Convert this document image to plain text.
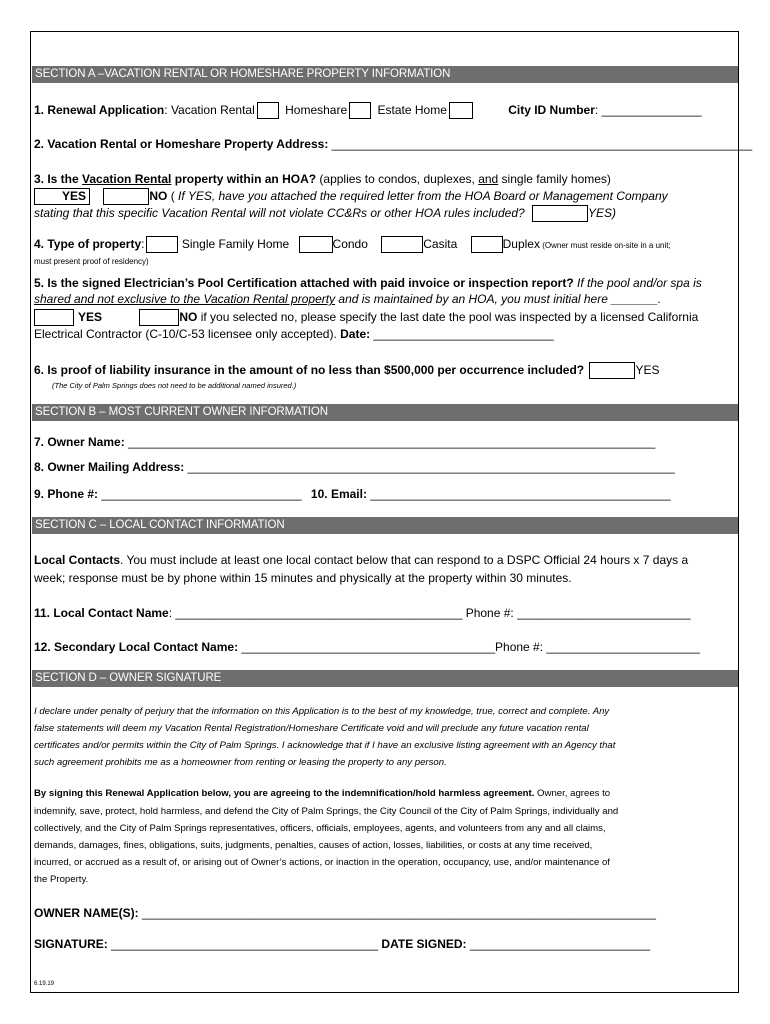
SECTION A –VACATION RENTAL OR HOMESHARE PROPERTY INFORMATION
1. Renewal Application: Vacation Rental	Homeshare	Estate Home	City ID Number: _______________
2. Vacation Rental or Homeshare Property Address: _______________________________________________________________
3. Is the Vacation Rental property within an HOA? (applies to condos, duplexes, and single family homes)
YES	NO ( If YES, have you attached the required letter from the HOA Board or Management Company
stating that this specific Vacation Rental will not violate CC&Rs or other HOA rules included?	YES)
4. Type of property:	Single Family Home	Condo	Casita	Duplex (Owner must reside on-site in a unit;
must present proof of residency)
5. Is the signed Electrician’s Pool Certification attached with paid invoice or inspection report? If the pool and/or spa is
shared and not exclusive to the Vacation Rental property and is maintained by an HOA, you must initial here _______.
YES	NO if you selected no, please specify the last date the pool was inspected by a licensed California
Electrical Contractor (C-10/C-53 licensee only accepted). Date: ___________________________
6. Is proof of liability insurance in the amount of no less than $500,000 per occurrence included?	YES
(The City of Palm Springs does not need to be additional named insured.)
SECTION B – MOST CURRENT OWNER INFORMATION
7. Owner Name: _______________________________________________________________________________
8. Owner Mailing Address: _________________________________________________________________________
9. Phone #: ______________________________ 10. Email: _____________________________________________
SECTION C – LOCAL CONTACT INFORMATION
Local Contacts. You must include at least one local contact below that can respond to a DSPC Official 24 hours x 7 days a
week; response must be by phone within 15 minutes and physically at the property within 30 minutes.
11. Local Contact Name: ___________________________________________ Phone #: __________________________
12. Secondary Local Contact Name: ______________________________________Phone #: _______________________
SECTION D – OWNER SIGNATURE
I declare under penalty of perjury that the information on this Application is to the best of my knowledge, true, correct and complete. Any
false statements will deem my Vacation Rental Registration/Homeshare Certificate void and will preclude any future vacation rental
certificates and/or permits within the City of Palm Springs. I acknowledge that if I have an exclusive listing agreement with an Agency that
such agreement prohibits me as a homeowner from renting or leasing the property to any person.
By signing this Renewal Application below, you are agreeing to the indemnification/hold harmless agreement. Owner, agrees to
indemnify, save, protect, hold harmless, and defend the City of Palm Springs, the City Council of the City of Palm Springs, individually and
collectively, and the City of Palm Springs representatives, officers, officials, employees, agents, and volunteers from any and all claims,
demands, damages, fines, obligations, suits, judgments, penalties, causes of action, losses, liabilities, or costs at any time received,
incurred, or accrued as a result of, or arising out of Owner’s actions, or inaction in the operation, occupancy, use, and/or maintenance of
the Property.
OWNER NAME(S): _____________________________________________________________________________
SIGNATURE: ________________________________________ DATE SIGNED: ___________________________
6.19.19
